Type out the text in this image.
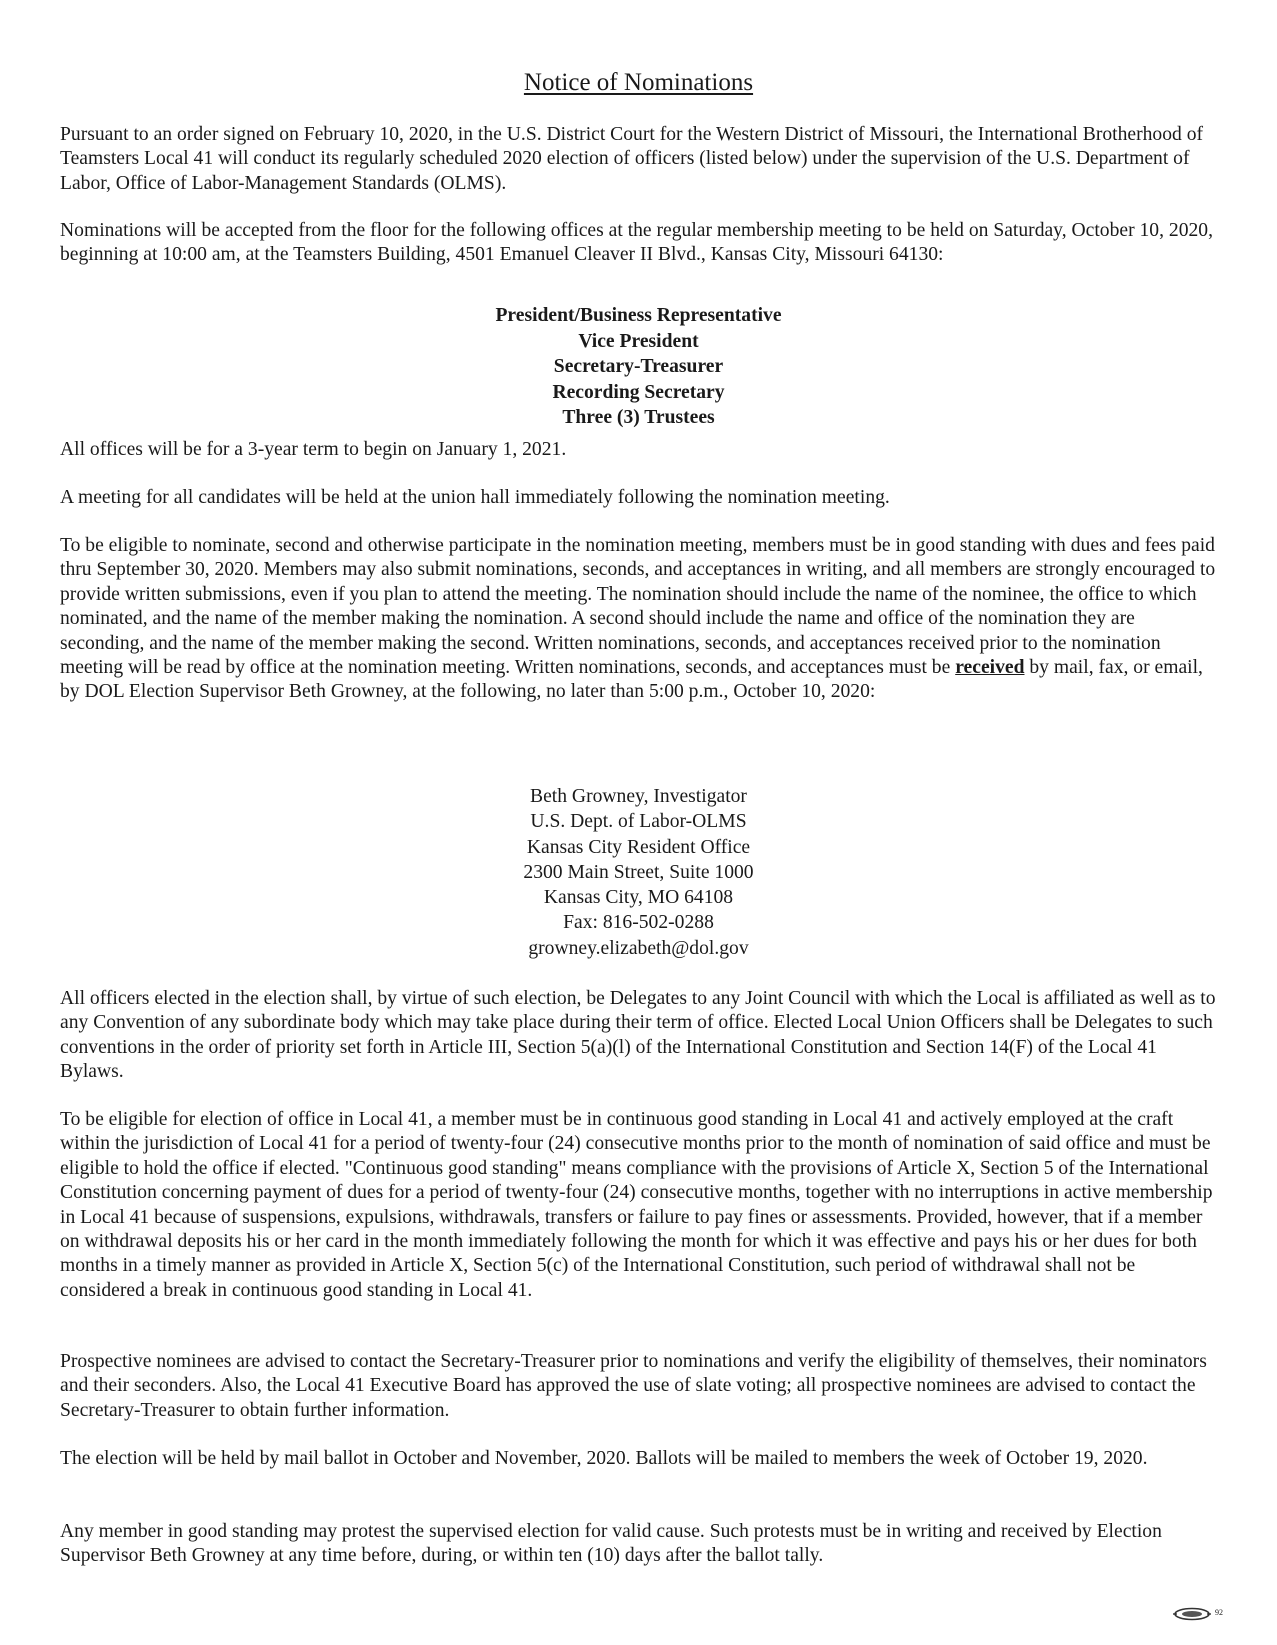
Notice of Nominations

Pursuant to an order signed on February 10, 2020, in the U.S. District Court for the Western District of Missouri, the International Brotherhood of Teamsters Local 41 will conduct its regularly scheduled 2020 election of officers (listed below) under the supervision of the U.S. Department of Labor, Office of Labor-Management Standards (OLMS).

Nominations will be accepted from the floor for the following offices at the regular membership meeting to be held on Saturday, October 10, 2020, beginning at 10:00 am, at the Teamsters Building, 4501 Emanuel Cleaver II Blvd., Kansas City, Missouri 64130:

President/Business Representative
Vice President
Secretary-Treasurer
Recording Secretary
Three (3) Trustees

All offices will be for a 3-year term to begin on January 1, 2021.

A meeting for all candidates will be held at the union hall immediately following the nomination meeting.

To be eligible to nominate, second and otherwise participate in the nomination meeting, members must be in good standing with dues and fees paid thru September 30, 2020. Members may also submit nominations, seconds, and acceptances in writing, and all members are strongly encouraged to provide written submissions, even if you plan to attend the meeting. The nomination should include the name of the nominee, the office to which nominated, and the name of the member making the nomination. A second should include the name and office of the nomination they are seconding, and the name of the member making the second. Written nominations, seconds, and acceptances received prior to the nomination meeting will be read by office at the nomination meeting. Written nominations, seconds, and acceptances must be received by mail, fax, or email, by DOL Election Supervisor Beth Growney, at the following, no later than 5:00 p.m., October 10, 2020:

Beth Growney, Investigator
U.S. Dept. of Labor-OLMS
Kansas City Resident Office
2300 Main Street, Suite 1000
Kansas City, MO 64108
Fax: 816-502-0288
growney.elizabeth@dol.gov

All officers elected in the election shall, by virtue of such election, be Delegates to any Joint Council with which the Local is affiliated as well as to any Convention of any subordinate body which may take place during their term of office. Elected Local Union Officers shall be Delegates to such conventions in the order of priority set forth in Article III, Section 5(a)(l) of the International Constitution and Section 14(F) of the Local 41 Bylaws.

To be eligible for election of office in Local 41, a member must be in continuous good standing in Local 41 and actively employed at the craft within the jurisdiction of Local 41 for a period of twenty-four (24) consecutive months prior to the month of nomination of said office and must be eligible to hold the office if elected. "Continuous good standing" means compliance with the provisions of Article X, Section 5 of the International Constitution concerning payment of dues for a period of twenty-four (24) consecutive months, together with no interruptions in active membership in Local 41 because of suspensions, expulsions, withdrawals, transfers or failure to pay fines or assessments. Provided, however, that if a member on withdrawal deposits his or her card in the month immediately following the month for which it was effective and pays his or her dues for both months in a timely manner as provided in Article X, Section 5(c) of the International Constitution, such period of withdrawal shall not be considered a break in continuous good standing in Local 41.

Prospective nominees are advised to contact the Secretary-Treasurer prior to nominations and verify the eligibility of themselves, their nominators and their seconders. Also, the Local 41 Executive Board has approved the use of slate voting; all prospective nominees are advised to contact the Secretary-Treasurer to obtain further information.

The election will be held by mail ballot in October and November, 2020. Ballots will be mailed to members the week of October 19, 2020.

Any member in good standing may protest the supervised election for valid cause. Such protests must be in writing and received by Election Supervisor Beth Growney at any time before, during, or within ten (10) days after the ballot tally.

92
